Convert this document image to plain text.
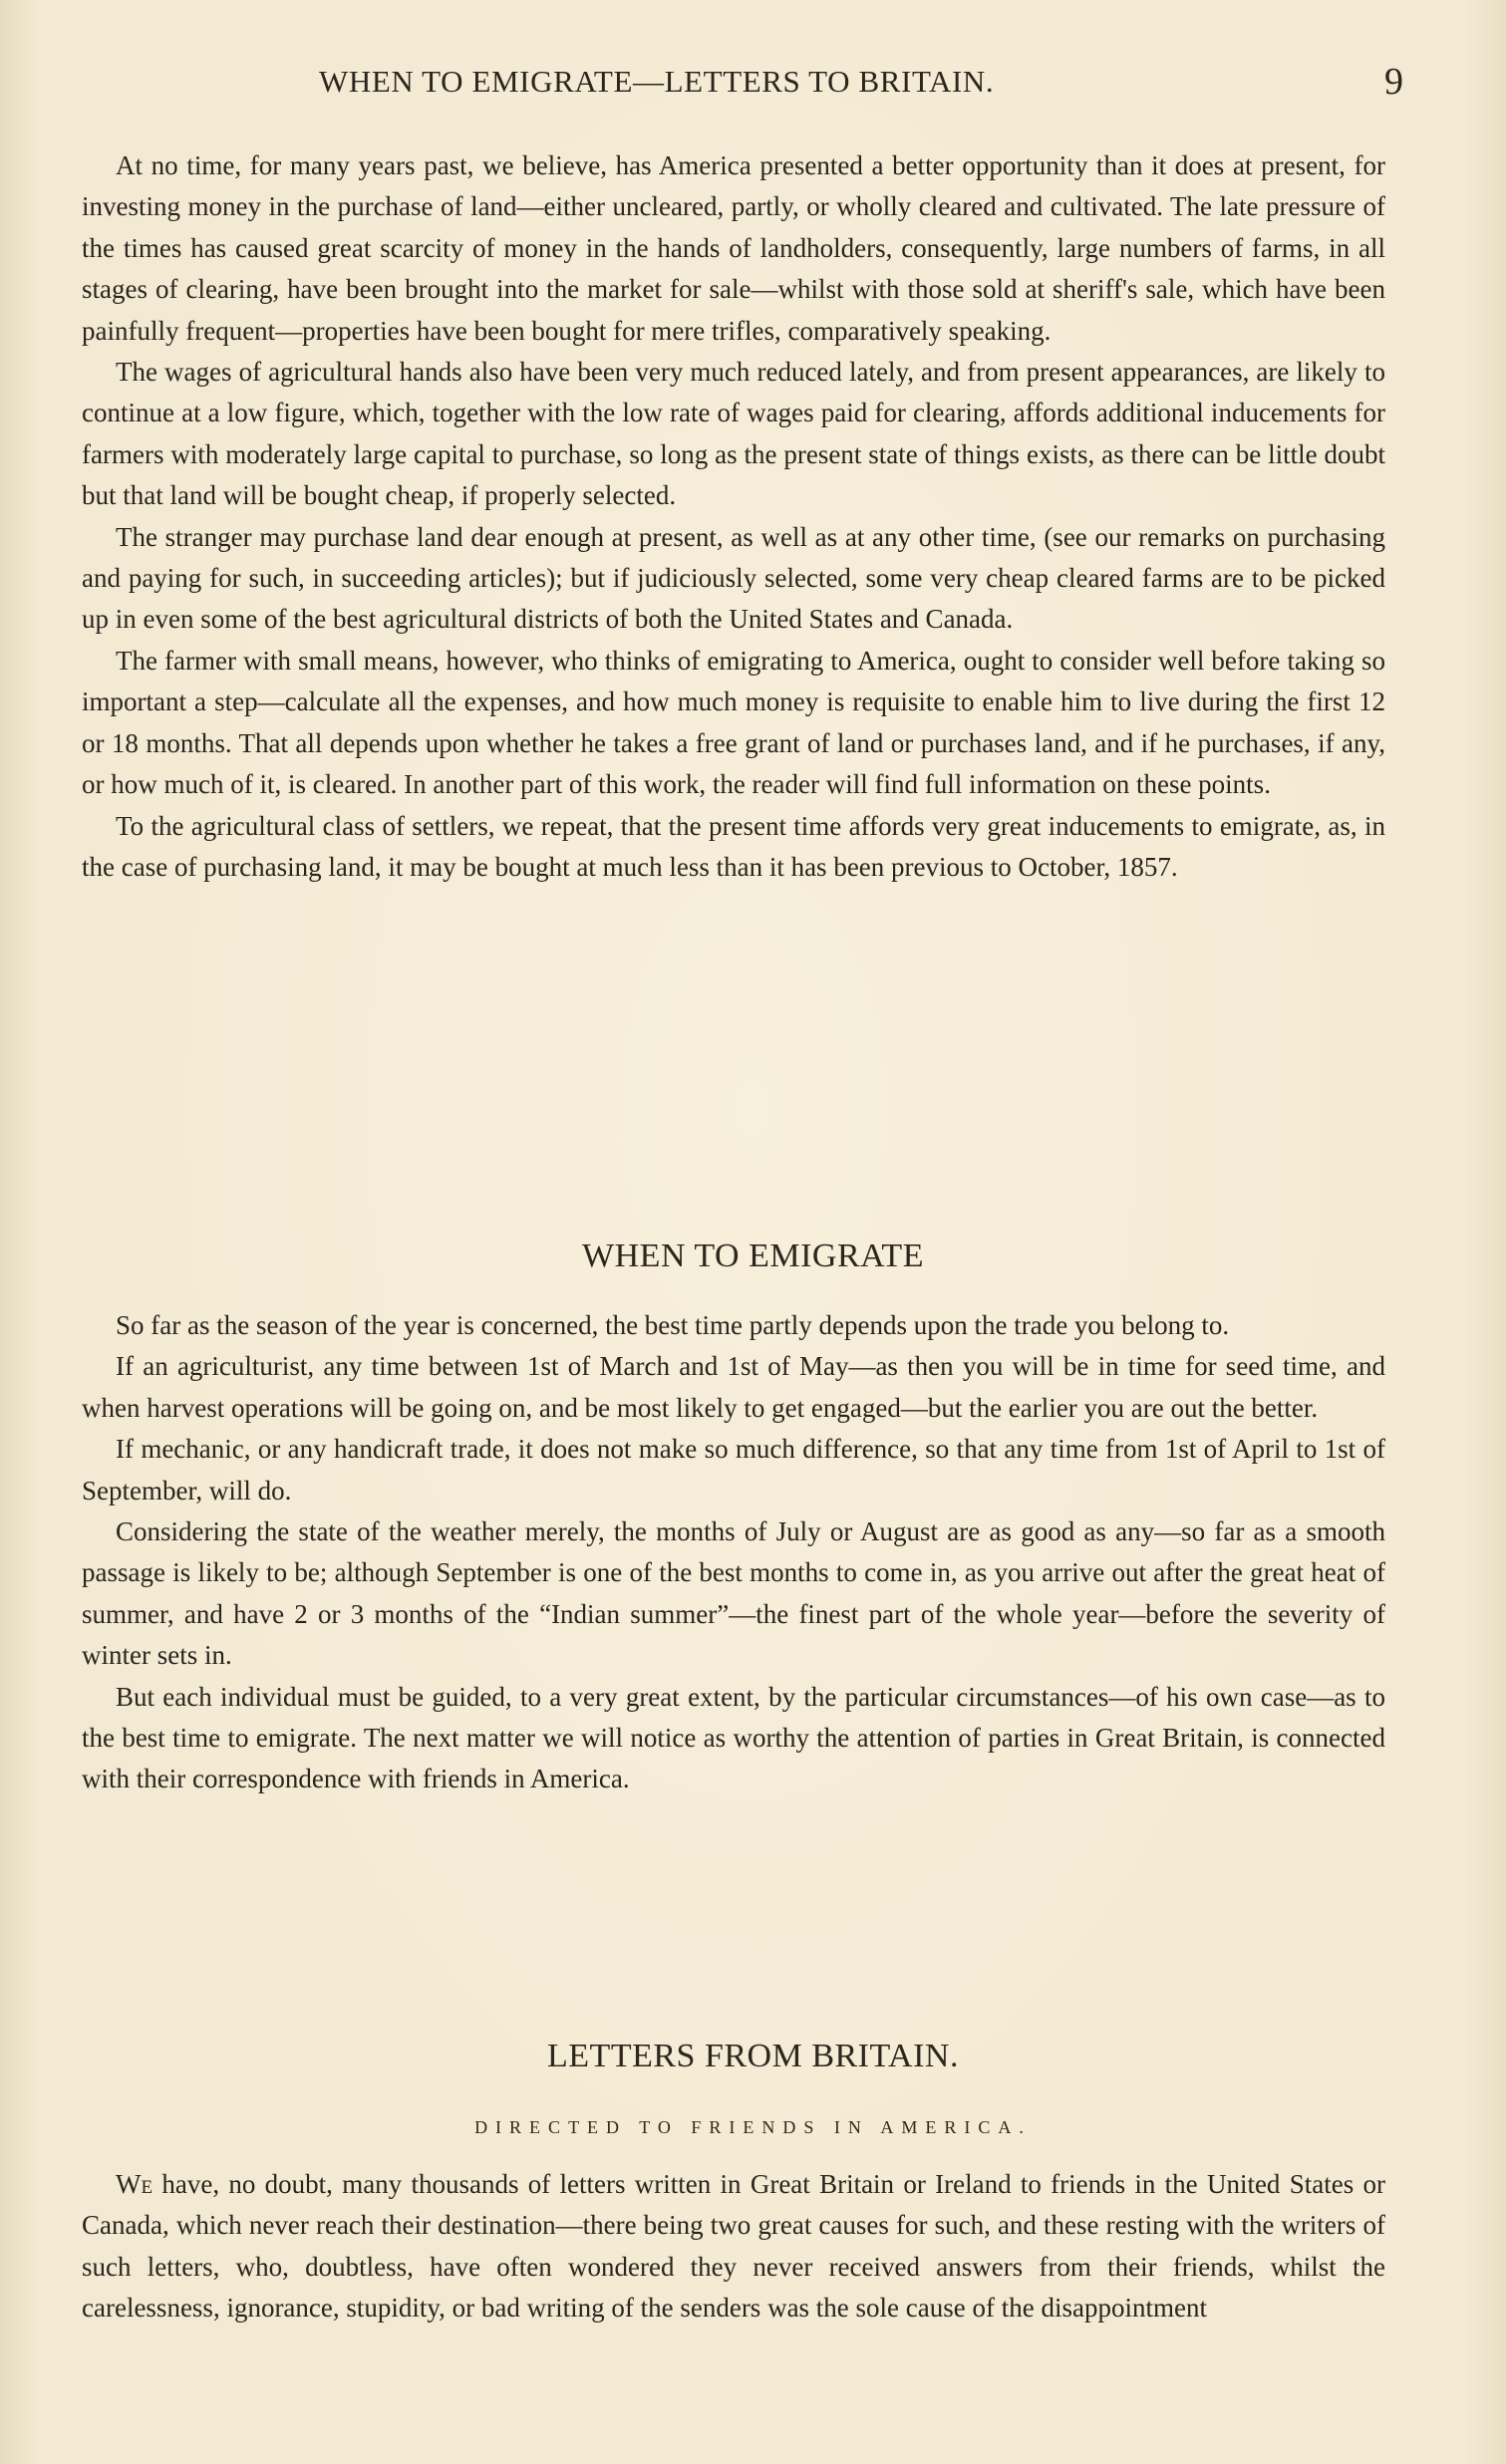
WHEN TO EMIGRATE—LETTERS TO BRITAIN.	9

At no time, for many years past, we believe, has America presented a better opportunity than it does at present, for investing money in the purchase of land—either uncleared, partly, or wholly cleared and cultivated. The late pressure of the times has caused great scarcity of money in the hands of landholders, consequently, large numbers of farms, in all stages of clearing, have been brought into the market for sale—whilst with those sold at sheriff's sale, which have been painfully frequent—properties have been bought for mere trifles, comparatively speaking.

The wages of agricultural hands also have been very much reduced lately, and from present appearances, are likely to continue at a low figure, which, together with the low rate of wages paid for clearing, affords additional inducements for farmers with moderately large capital to purchase, so long as the present state of things exists, as there can be little doubt but that land will be bought cheap, if properly selected.

The stranger may purchase land dear enough at present, as well as at any other time, (see our remarks on purchasing and paying for such, in succeeding articles); but if judiciously selected, some very cheap cleared farms are to be picked up in even some of the best agricultural districts of both the United States and Canada.

The farmer with small means, however, who thinks of emigrating to America, ought to consider well before taking so important a step—calculate all the expenses, and how much money is requisite to enable him to live during the first 12 or 18 months. That all depends upon whether he takes a free grant of land or purchases land, and if he purchases, if any, or how much of it, is cleared. In another part of this work, the reader will find full information on these points.

To the agricultural class of settlers, we repeat, that the present time affords very great inducements to emigrate, as, in the case of purchasing land, it may be bought at much less than it has been previous to October, 1857.

WHEN TO EMIGRATE

So far as the season of the year is concerned, the best time partly depends upon the trade you belong to.

If an agriculturist, any time between 1st of March and 1st of May—as then you will be in time for seed time, and when harvest operations will be going on, and be most likely to get engaged—but the earlier you are out the better.

If mechanic, or any handicraft trade, it does not make so much difference, so that any time from 1st of April to 1st of September, will do.

Considering the state of the weather merely, the months of July or August are as good as any—so far as a smooth passage is likely to be; although September is one of the best months to come in, as you arrive out after the great heat of summer, and have 2 or 3 months of the “Indian summer”—the finest part of the whole year—before the severity of winter sets in.

But each individual must be guided, to a very great extent, by the particular circumstances—of his own case—as to the best time to emigrate. The next matter we will notice as worthy the attention of parties in Great Britain, is connected with their correspondence with friends in America.

LETTERS FROM BRITAIN.
DIRECTED TO FRIENDS IN AMERICA.

We have, no doubt, many thousands of letters written in Great Britain or Ireland to friends in the United States or Canada, which never reach their destination—there being two great causes for such, and these resting with the writers of such letters, who, doubtless, have often wondered they never received answers from their friends, whilst the carelessness, ignorance, stupidity, or bad writing of the senders was the sole cause of the disappointment
